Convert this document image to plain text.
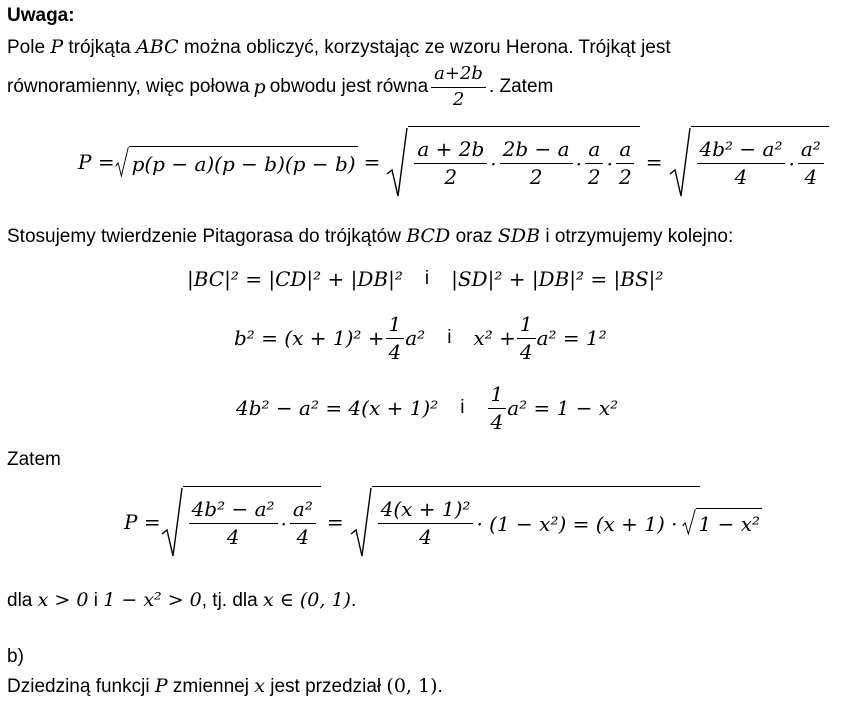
Uwaga:
Pole P trójkąta ABC można obliczyć, korzystając ze wzoru Herona. Trójkąt jest
równoramienny, więc połowa p obwodu jest równa $\frac{a+2b}{2}$ . Zatem
$P = p(p - a)(p - b)(p - b) = \frac{a + 2b}{2} \cdot \frac{2b - a}{2} \cdot \frac{a}{2} \cdot \frac{a}{2} = \frac{\text{4b² − a²}}{4} \cdot \frac{\text{a²}}{4}$
Stosujemy twierdzenie Pitagorasa do trójkątów BCD oraz SDB i otrzymujemy kolejno:
|BC|² = |CD|² + |DB|² i |SD|² + |DB|² = |BS|²
$b^2 = (x + 1)^2 + \frac{1}{4} a^2$ i $x^2 + \frac{1}{4} a^2 = 1^2$
4b² − a² = 4(x + 1)² i $\frac{1}{4} a^2 = 1 - x^2$
Zatem
$P = \frac{\text{4b² − a²}}{4} \cdot \frac{\text{a²}}{4} = \frac{\text{4(x + 1)²}}{4} \cdot (1 - x^2) = (x + 1) \cdot 1 - x^2$
dla x > 0 i 1 − x² > 0, tj. dla x ∈ (0, 1).
b)
Dziedziną funkcji P zmiennej x jest przedział (0, 1).
